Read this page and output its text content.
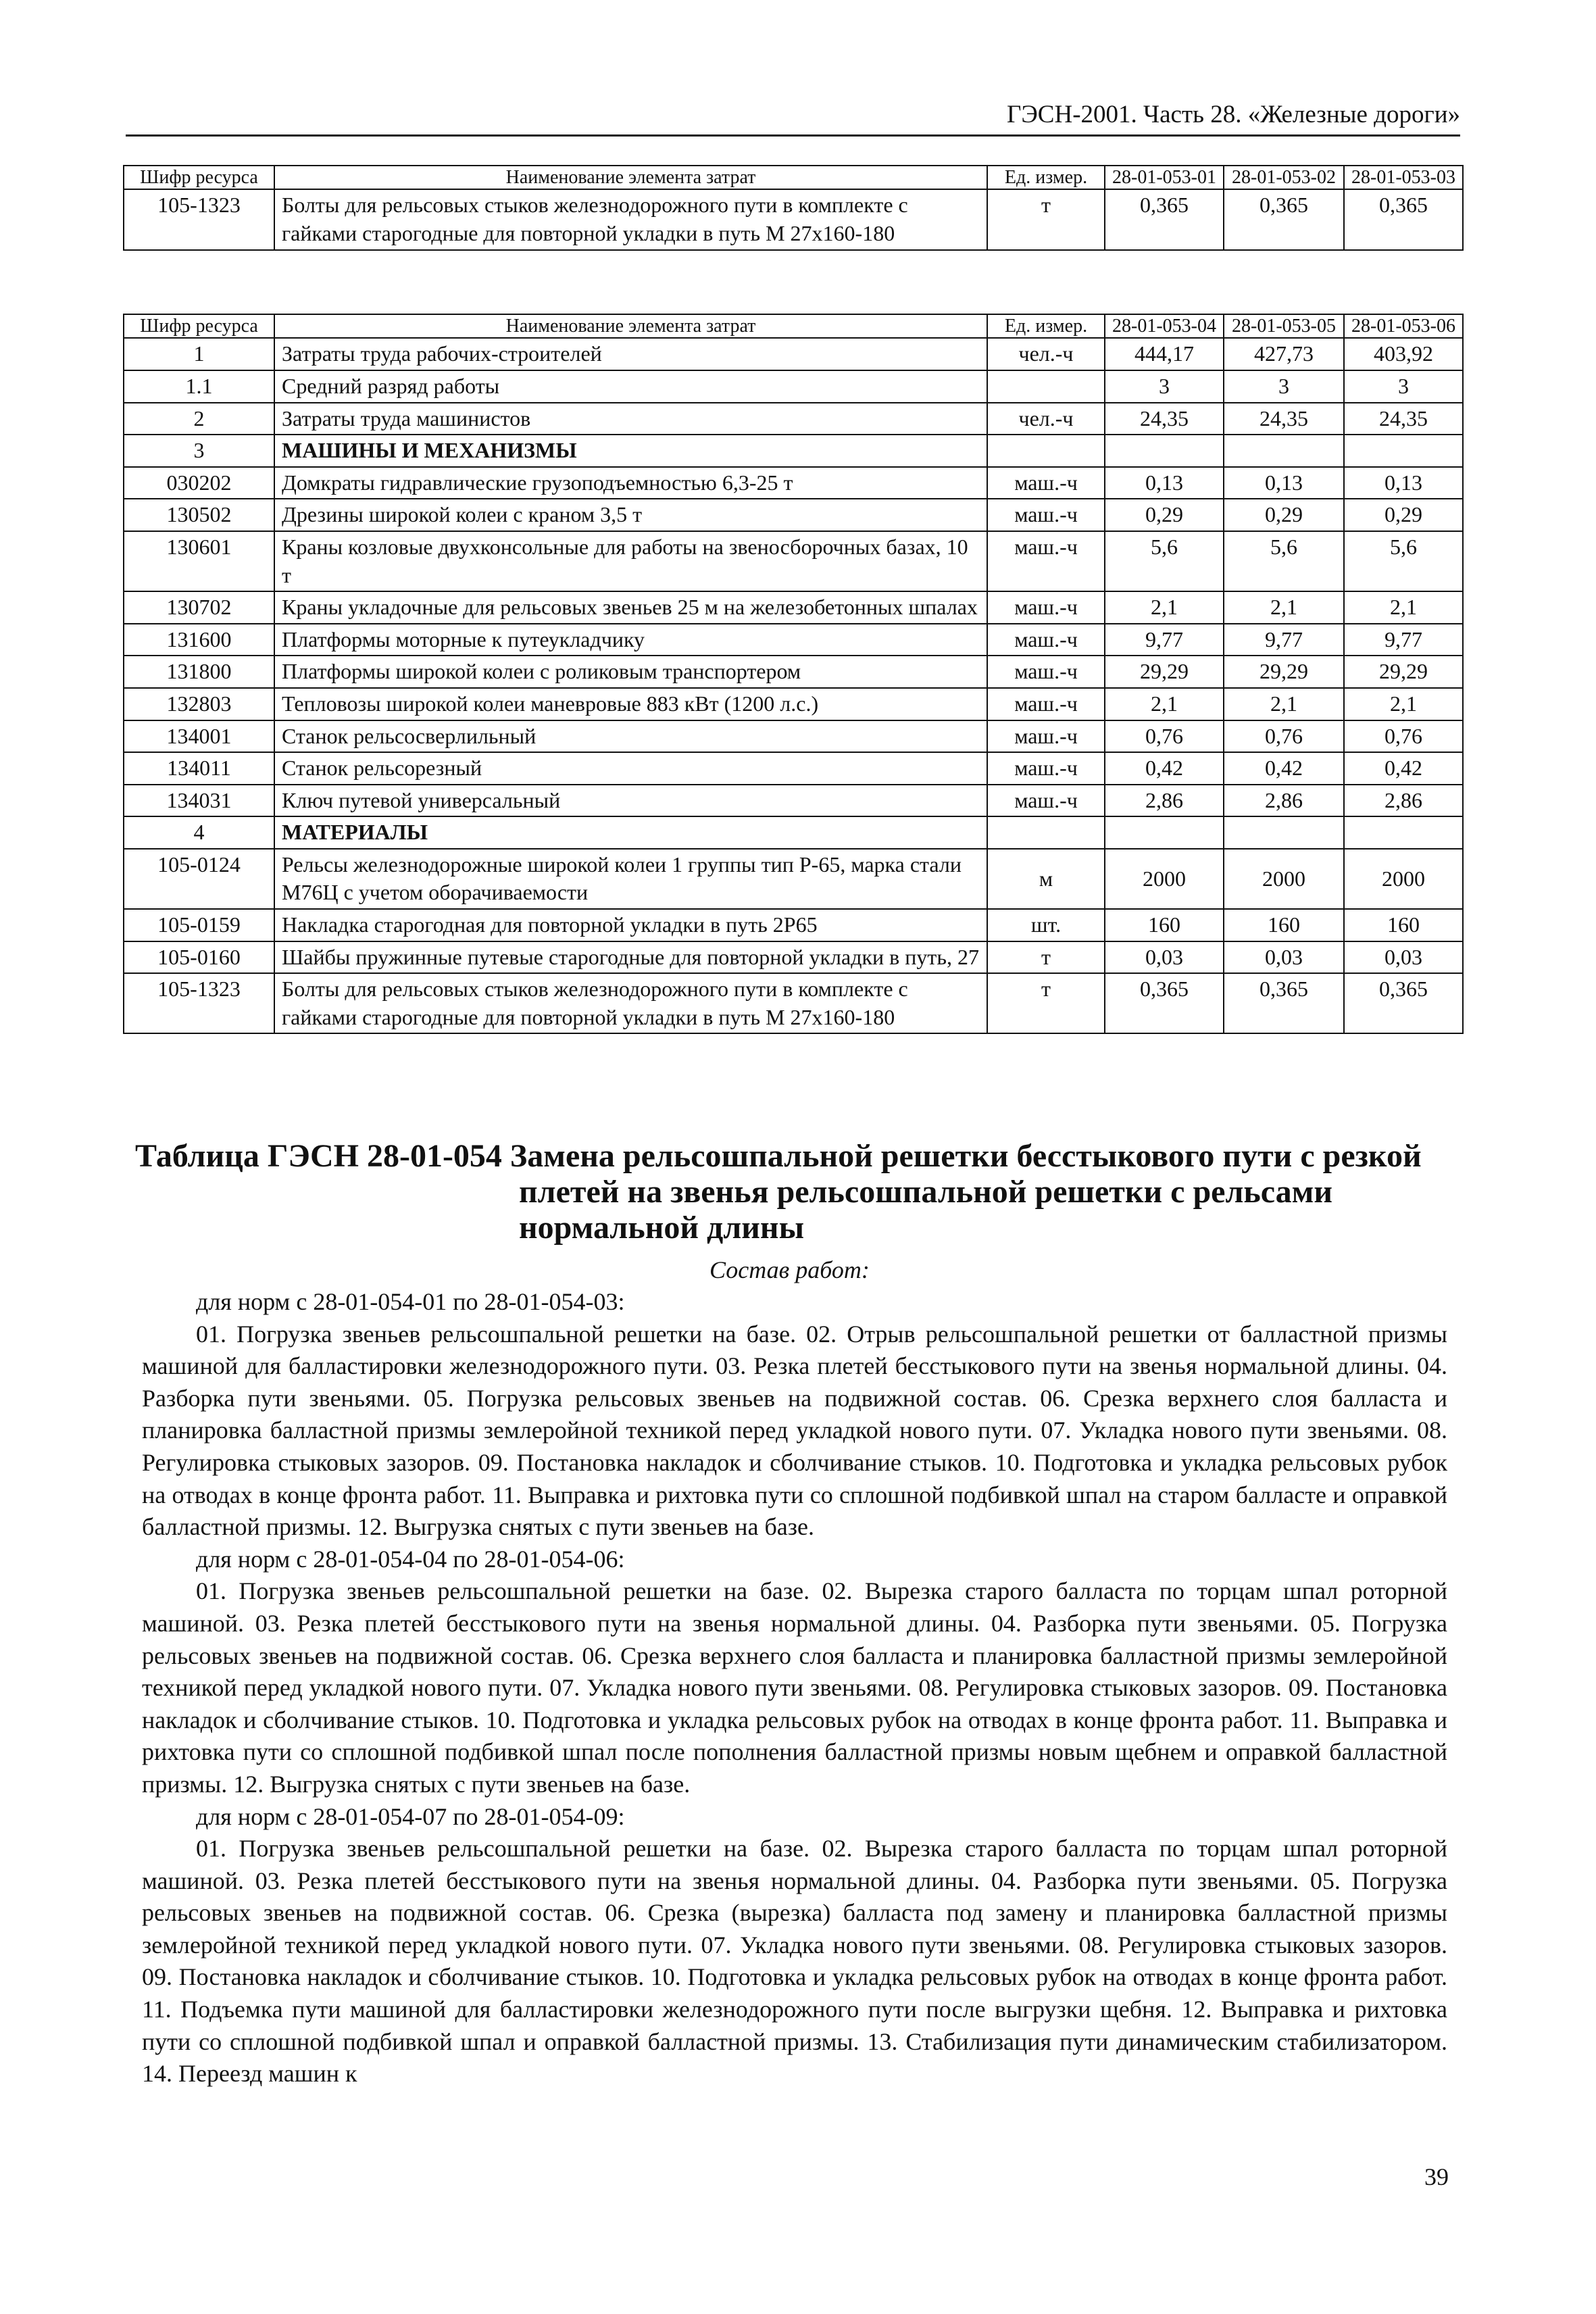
ГЭСН-2001. Часть 28. «Железные дороги»
Шифр ресурса	Наименование элемента затрат	Ед. измер.	28-01-053-01	28-01-053-02	28-01-053-03
105-1323	Болты для рельсовых стыков железнодорожного пути в комплекте с гайками старогодные для повторной укладки в путь М 27х160-180	т	0,365	0,365	0,365
Шифр ресурса	Наименование элемента затрат	Ед. измер.	28-01-053-04	28-01-053-05	28-01-053-06
1	Затраты труда рабочих-строителей	чел.-ч	444,17	427,73	403,92
1.1	Средний разряд работы		3	3	3
2	Затраты труда машинистов	чел.-ч	24,35	24,35	24,35
3	МАШИНЫ И МЕХАНИЗМЫ				
030202	Домкраты гидравлические грузоподъемностью 6,3-25 т	маш.-ч	0,13	0,13	0,13
130502	Дрезины широкой колеи с краном 3,5 т	маш.-ч	0,29	0,29	0,29
130601	Краны козловые двухконсольные для работы на звеносборочных базах, 10 т	маш.-ч	5,6	5,6	5,6
130702	Краны укладочные для рельсовых звеньев 25 м на железобетонных шпалах	маш.-ч	2,1	2,1	2,1
131600	Платформы моторные к путеукладчику	маш.-ч	9,77	9,77	9,77
131800	Платформы широкой колеи с роликовым транспортером	маш.-ч	29,29	29,29	29,29
132803	Тепловозы широкой колеи маневровые 883 кВт (1200 л.с.)	маш.-ч	2,1	2,1	2,1
134001	Станок рельсосверлильный	маш.-ч	0,76	0,76	0,76
134011	Станок рельсорезный	маш.-ч	0,42	0,42	0,42
134031	Ключ путевой универсальный	маш.-ч	2,86	2,86	2,86
4	МАТЕРИАЛЫ				
105-0124	Рельсы железнодорожные широкой колеи 1 группы тип Р-65, марка стали М76Ц с учетом оборачиваемости	м	2000	2000	2000
105-0159	Накладка старогодная для повторной укладки в путь 2Р65	шт.	160	160	160
105-0160	Шайбы пружинные путевые старогодные для повторной укладки в путь, 27	т	0,03	0,03	0,03
105-1323	Болты для рельсовых стыков железнодорожного пути в комплекте с гайками старогодные для повторной укладки в путь М 27х160-180	т	0,365	0,365	0,365
Таблица ГЭСН 28-01-054 Замена рельсошпальной решетки бесстыкового пути с резкой
плетей на звенья рельсошпальной решетки с рельсами нормальной длины
Состав работ:

для норм с 28-01-054-01 по 28-01-054-03:

01. Погрузка звеньев рельсошпальной решетки на базе. 02. Отрыв рельсошпальной решетки от балластной призмы машиной для балластировки железнодорожного пути. 03. Резка плетей бесстыкового пути на звенья нормальной длины. 04. Разборка пути звеньями. 05. Погрузка рельсовых звеньев на подвижной состав. 06. Срезка верхнего слоя балласта и планировка балластной призмы землеройной техникой перед укладкой нового пути. 07. Укладка нового пути звеньями. 08. Регулировка стыковых зазоров. 09. Постановка накладок и сболчивание стыков. 10. Подготовка и укладка рельсовых рубок на отводах в конце фронта работ. 11. Выправка и рихтовка пути со сплошной подбивкой шпал на старом балласте и оправкой балластной призмы. 12. Выгрузка снятых с пути звеньев на базе.

для норм с 28-01-054-04 по 28-01-054-06:

01. Погрузка звеньев рельсошпальной решетки на базе. 02. Вырезка старого балласта по торцам шпал роторной машиной. 03. Резка плетей бесстыкового пути на звенья нормальной длины. 04. Разборка пути звеньями. 05. Погрузка рельсовых звеньев на подвижной состав. 06. Срезка верхнего слоя балласта и планировка балластной призмы землеройной техникой перед укладкой нового пути. 07. Укладка нового пути звеньями. 08. Регулировка стыковых зазоров. 09. Постановка накладок и сболчивание стыков. 10. Подготовка и укладка рельсовых рубок на отводах в конце фронта работ. 11. Выправка и рихтовка пути со сплошной подбивкой шпал после пополнения балластной призмы новым щебнем и оправкой балластной призмы. 12. Выгрузка снятых с пути звеньев на базе.

для норм с 28-01-054-07 по 28-01-054-09:

01. Погрузка звеньев рельсошпальной решетки на базе. 02. Вырезка старого балласта по торцам шпал роторной машиной. 03. Резка плетей бесстыкового пути на звенья нормальной длины. 04. Разборка пути звеньями. 05. Погрузка рельсовых звеньев на подвижной состав. 06. Срезка (вырезка) балласта под замену и планировка балластной призмы землеройной техникой перед укладкой нового пути. 07. Укладка нового пути звеньями. 08. Регулировка стыковых зазоров. 09. Постановка накладок и сболчивание стыков. 10. Подготовка и укладка рельсовых рубок на отводах в конце фронта работ. 11. Подъемка пути машиной для балластировки железнодорожного пути после выгрузки щебня. 12. Выправка и рихтовка пути со сплошной подбивкой шпал и оправкой балластной призмы. 13. Стабилизация пути динамическим стабилизатором. 14. Переезд машин к

39
